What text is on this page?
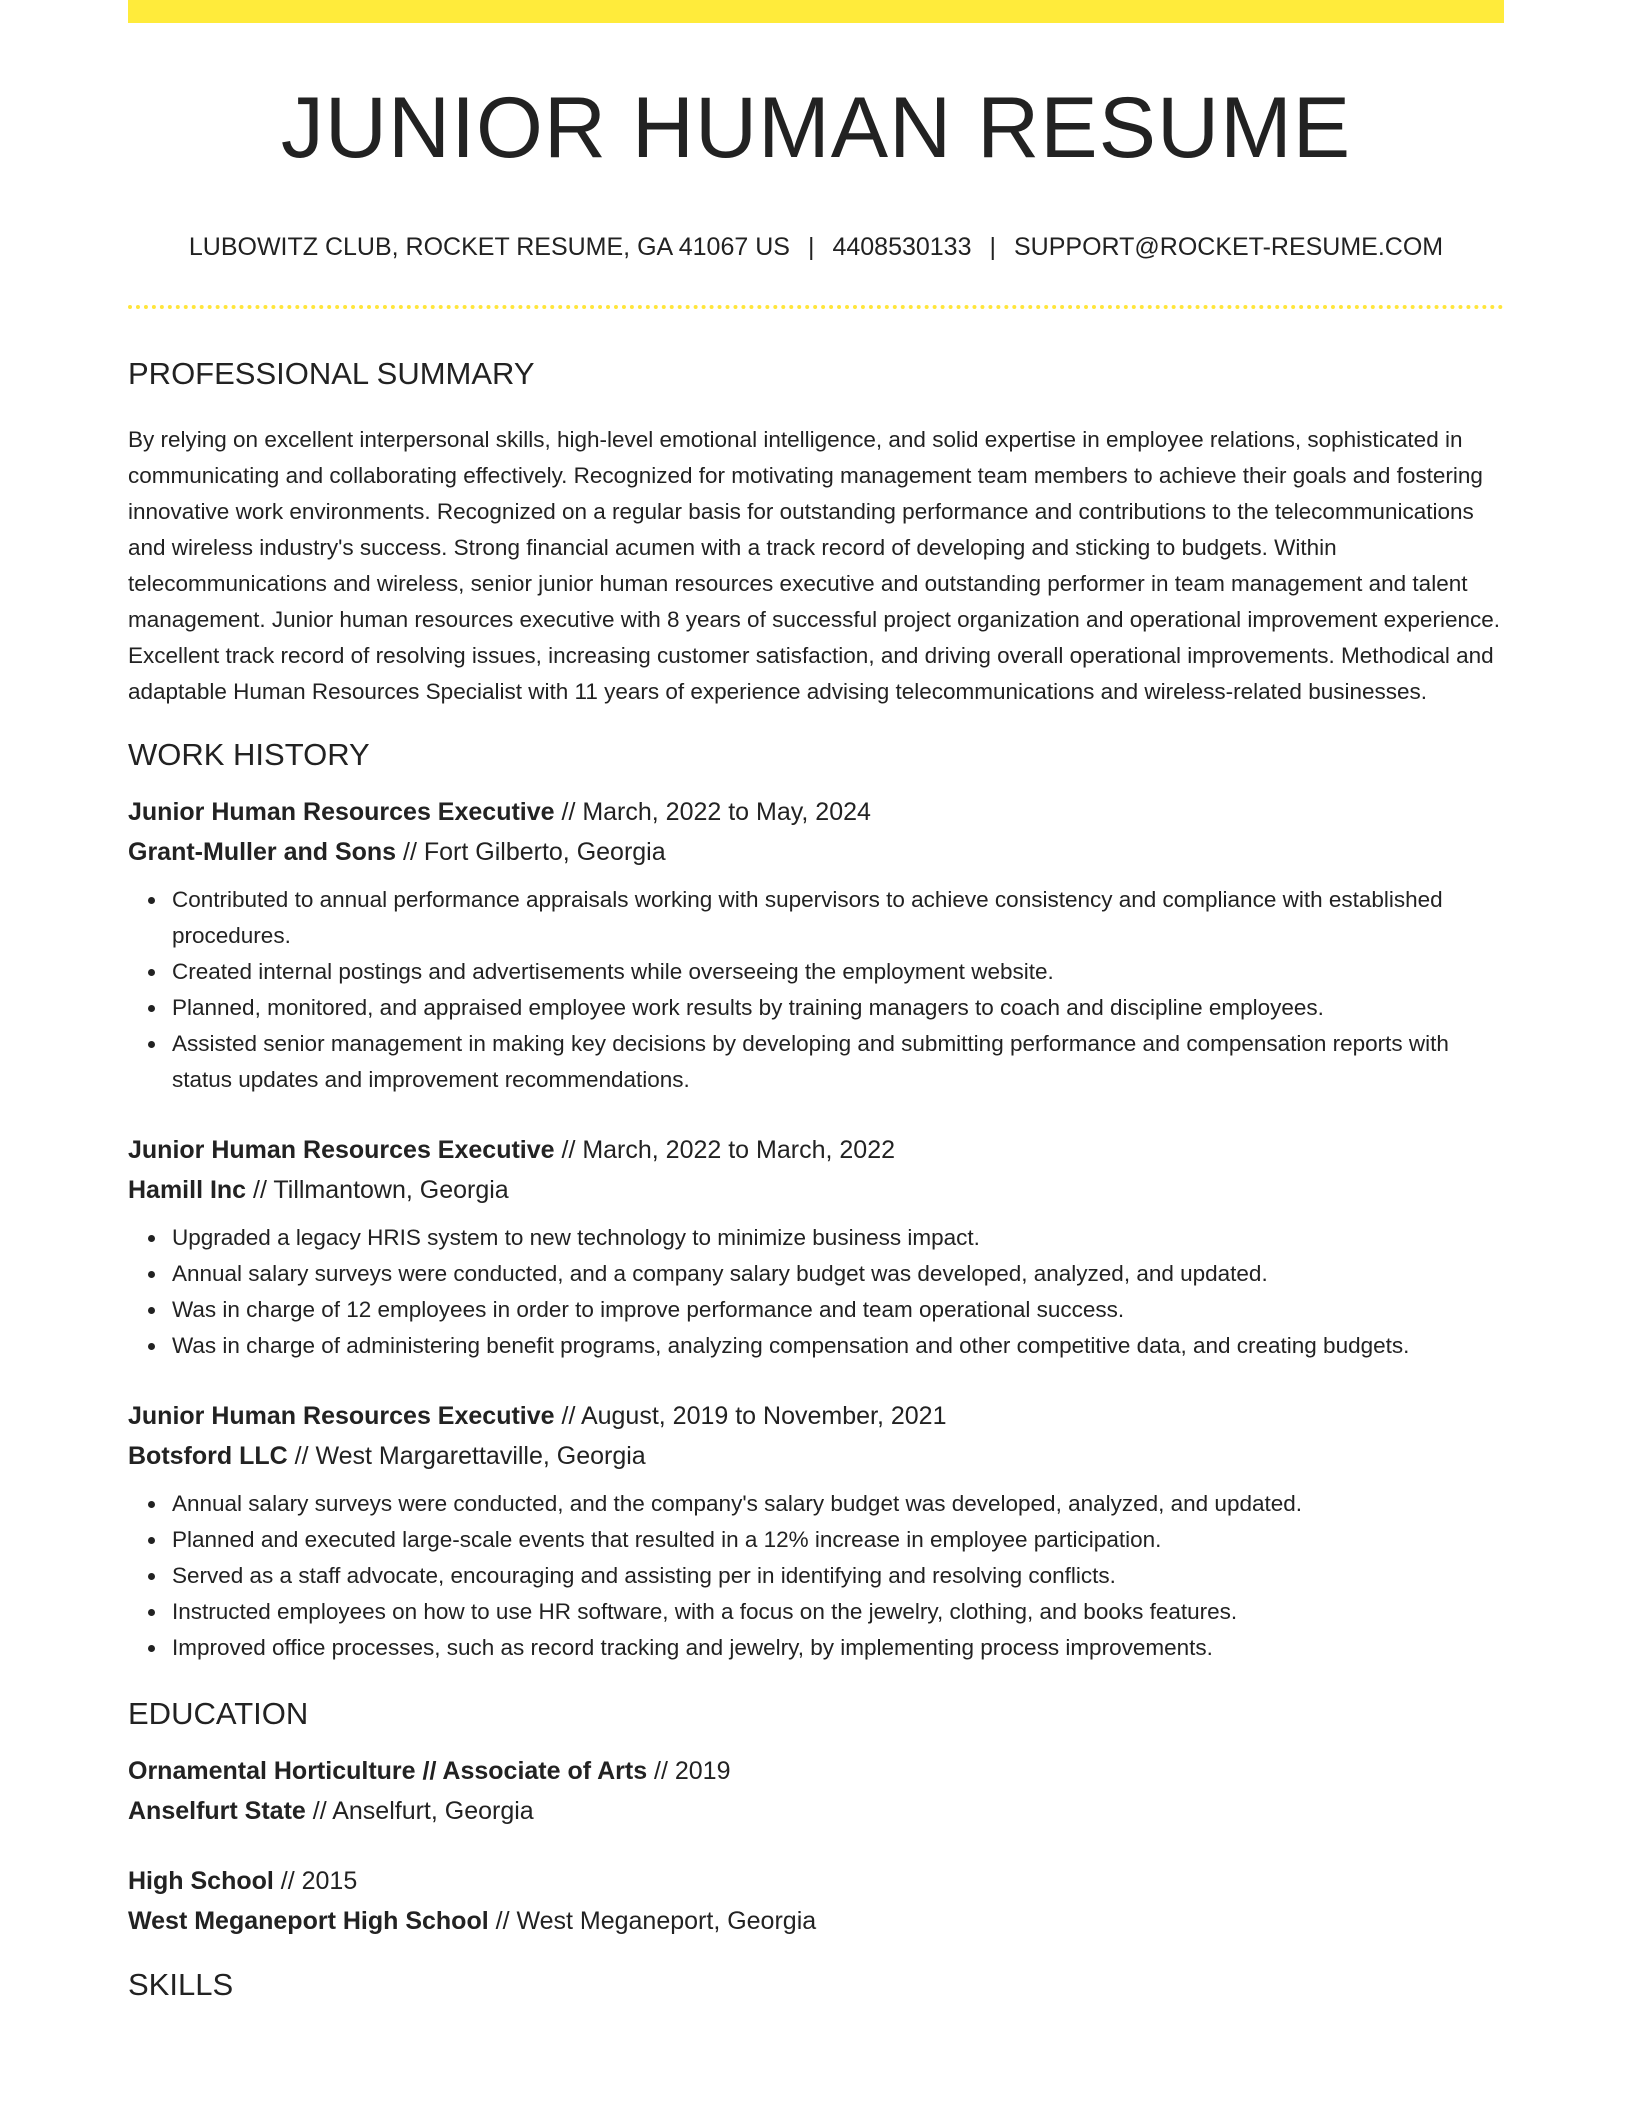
JUNIOR HUMAN RESUME
LUBOWITZ CLUB, ROCKET RESUME, GA 41067 US | 4408530133 | SUPPORT@ROCKET-RESUME.COM
PROFESSIONAL SUMMARY

By relying on excellent interpersonal skills, high-level emotional intelligence, and solid expertise in employee relations, sophisticated in communicating and collaborating effectively. Recognized for motivating management team members to achieve their goals and fostering innovative work environments. Recognized on a regular basis for outstanding performance and contributions to the telecommunications and wireless industry's success. Strong financial acumen with a track record of developing and sticking to budgets. Within telecommunications and wireless, senior junior human resources executive and outstanding performer in team management and talent management. Junior human resources executive with 8 years of successful project organization and operational improvement experience. Excellent track record of resolving issues, increasing customer satisfaction, and driving overall operational improvements. Methodical and adaptable Human Resources Specialist with 11 years of experience advising telecommunications and wireless-related businesses.

WORK HISTORY
Junior Human Resources Executive // March, 2022 to May, 2024
Grant-Muller and Sons // Fort Gilberto, Georgia
Contributed to annual performance appraisals working with supervisors to achieve consistency and compliance with established procedures.
Created internal postings and advertisements while overseeing the employment website.
Planned, monitored, and appraised employee work results by training managers to coach and discipline employees.
Assisted senior management in making key decisions by developing and submitting performance and compensation reports with status updates and improvement recommendations.
Junior Human Resources Executive // March, 2022 to March, 2022
Hamill Inc // Tillmantown, Georgia
Upgraded a legacy HRIS system to new technology to minimize business impact.
Annual salary surveys were conducted, and a company salary budget was developed, analyzed, and updated.
Was in charge of 12 employees in order to improve performance and team operational success.
Was in charge of administering benefit programs, analyzing compensation and other competitive data, and creating budgets.
Junior Human Resources Executive // August, 2019 to November, 2021
Botsford LLC // West Margarettaville, Georgia
Annual salary surveys were conducted, and the company's salary budget was developed, analyzed, and updated.
Planned and executed large-scale events that resulted in a 12% increase in employee participation.
Served as a staff advocate, encouraging and assisting per in identifying and resolving conflicts.
Instructed employees on how to use HR software, with a focus on the jewelry, clothing, and books features.
Improved office processes, such as record tracking and jewelry, by implementing process improvements.
EDUCATION
Ornamental Horticulture // Associate of Arts // 2019
Anselfurt State // Anselfurt, Georgia
High School // 2015
West Meganeport High School // West Meganeport, Georgia
SKILLS
